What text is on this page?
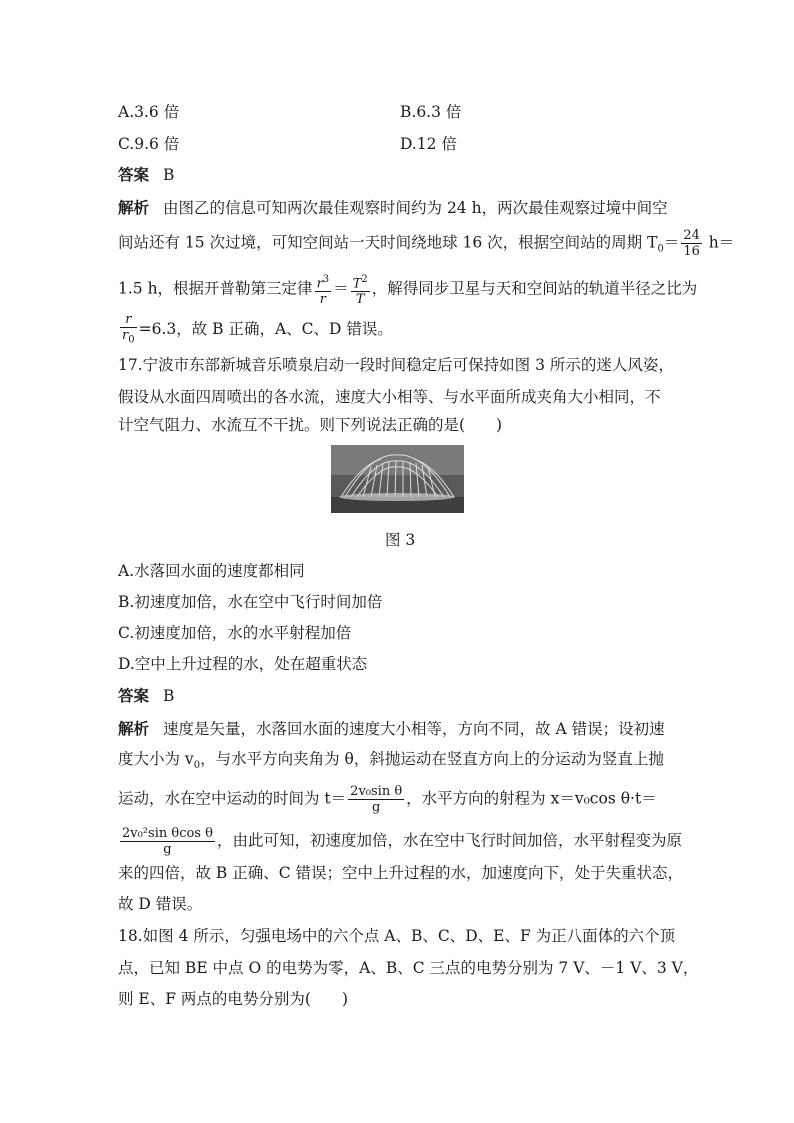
A.3.6 倍	B.6.3 倍
C.9.6 倍	D.12 倍
答案 B
解析 由图乙的信息可知两次最佳观察时间约为 24 h，两次最佳观察过境中间空
间站还有 15 次过境，可知空间站一天时间绕地球 16 次，根据空间站的周期 $T_0= \frac{24}{16} h=$
1.5 h，根据开普勒第三定律 $\frac{r^3}{r} = \frac{T^2}{T}$ ，解得同步卫星与天和空间站的轨道半径之比为
$\frac{r}{r_0} =6.3$，故 B 正确，A、C、D 错误。
17.宁波市东部新城音乐喷泉启动一段时间稳定后可保持如图 3 所示的迷人风姿，
假设从水面四周喷出的各水流，速度大小相等、与水平面所成夹角大小相同，不
计空气阻力、水流互不干扰。则下列说法正确的是(　　)
图 3
A.水落回水面的速度都相同
B.初速度加倍，水在空中飞行时间加倍
C.初速度加倍，水的水平射程加倍
D.空中上升过程的水，处在超重状态
答案 B
解析 速度是矢量，水落回水面的速度大小相等，方向不同，故 A 错误；设初速
度大小为 $v_0$，与水平方向夹角为 θ，斜抛运动在竖直方向上的分运动为竖直上抛
运动，水在空中运动的时间为 $t= \frac{\text{2v₀sin θ}}{g}$ ，水平方向的射程为 x＝v₀cos θ·t＝
$\frac{\text{2v₀²sin θcos θ}}{g}$ ，由此可知，初速度加倍，水在空中飞行时间加倍，水平射程变为原
来的四倍，故 B 正确、C 错误；空中上升过程的水，加速度向下，处于失重状态，
故 D 错误。
18.如图 4 所示，匀强电场中的六个点 A、B、C、D、E、F 为正八面体的六个顶
点，已知 BE 中点 O 的电势为零，A、B、C 三点的电势分别为 7 V、－1 V、3 V，
则 E、F 两点的电势分别为(　　)
